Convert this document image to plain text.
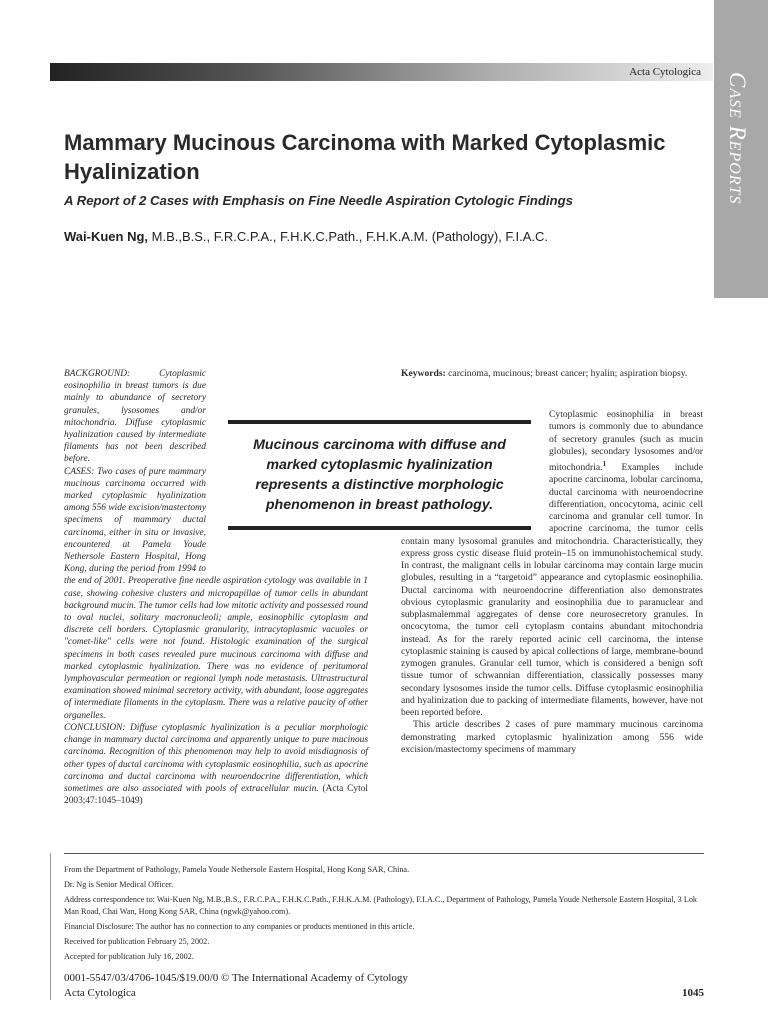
Acta Cytologica Case Reports
Mammary Mucinous Carcinoma with Marked Cytoplasmic Hyalinization
A Report of 2 Cases with Emphasis on Fine Needle Aspiration Cytologic Findings
Wai-Kuen Ng, M.B.,B.S., F.R.C.P.A., F.H.K.C.Path., F.H.K.A.M. (Pathology), F.I.A.C.

BACKGROUND: Cytoplasmic eosinophilia in breast tumors is due mainly to abundance of secretory granules, lysosomes and/or mitochondria. Diffuse cytoplasmic hyalinization caused by intermediate filaments has not been described before.

CASES: Two cases of pure mammary mucinous carcinoma occurred with marked cytoplasmic hyalinization among 556 wide excision/mastectomy specimens of mammary ductal carcinoma, either in situ or invasive, encountered at Pamela Youde Nethersole Eastern Hospital, Hong Kong, during the period from 1994 to the end of 2001. Preoperative fine needle aspiration cytology was available in 1 case, showing cohesive clusters and micropapillae of tumor cells in abundant background mucin. The tumor cells had low mitotic activity and possessed round to oval nuclei, solitary macronucleoli; ample, eosinophilic cytoplasm and discrete cell borders. Cytoplasmic granularity, intracytoplasmic vacuoles or "comet-like" cells were not found. Histologic examination of the surgical specimens in both cases revealed pure mucinous carcinoma with diffuse and marked cytoplasmic hyalinization. There was no evidence of peritumoral lymphovascular permeation or regional lymph node metastasis. Ultrastructural examination showed minimal secretory activity, with abundant, loose aggregates of intermediate filaments in the cytoplasm. There was a relative paucity of other organelles.

CONCLUSION: Diffuse cytoplasmic hyalinization is a peculiar morphologic change in mammary ductal carcinoma and apparently unique to pure mucinous carcinoma. Recognition of this phenomenon may help to avoid misdiagnosis of other types of ductal carcinoma with cytoplasmic eosinophilia, such as apocrine carcinoma and ductal carcinoma with neuroendocrine differentiation, which sometimes are also associated with pools of extracellular mucin. (Acta Cytol 2003;47:1045–1049)

Keywords: carcinoma, mucinous; breast cancer; hyalin; aspiration biopsy.

Cytoplasmic eosinophilia in breast tumors is commonly due to abundance of secretory granules (such as mucin globules), secondary lysosomes and/or mitochondria.$^1$ Examples include apocrine carcinoma, lobular carcinoma, ductal carcinoma with neuroendocrine differentiation, oncocytoma, acinic cell carcinoma and granular cell tumor. In apocrine carcinoma, the tumor cells contain many lysosomal granules and mitochondria. Characteristically, they express gross cystic disease fluid protein–15 on immunohistochemical study. In contrast, the malignant cells in lobular carcinoma may contain large mucin globules, resulting in a “targetoid” appearance and cytoplasmic eosinophilia. Ductal carcinoma with neuroendocrine differentiation also demonstrates obvious cytoplasmic granularity and eosinophilia due to paranuclear and subplasmalemmal aggregates of dense core neurosecretory granules. In oncocytoma, the tumor cell cytoplasm contains abundant mitochondria instead. As for the rarely reported acinic cell carcinoma, the intense cytoplasmic staining is caused by apical collections of large, membrane-bound zymogen granules. Granular cell tumor, which is considered a benign soft tissue tumor of schwannian differentiation, classically possesses many secondary lysosomes inside the tumor cells. Diffuse cytoplasmic eosinophilia and hyalinization due to packing of intermediate filaments, however, have not been reported before.

This article describes 2 cases of pure mammary mucinous carcinoma demonstrating marked cytoplasmic hyalinization among 556 wide excision/mastectomy specimens of mammary

Mucinous carcinoma with diffuse and marked cytoplasmic hyalinization represents a distinctive morphologic phenomenon in breast pathology.

From the Department of Pathology, Pamela Youde Nethersole Eastern Hospital, Hong Kong SAR, China.

Dr. Ng is Senior Medical Officer.

Address correspondence to: Wai-Kuen Ng, M.B.,B.S., F.R.C.P.A., F.H.K.C.Path., F.H.K.A.M. (Pathology), F.I.A.C., Department of Pathology, Pamela Youde Nethersole Eastern Hospital, 3 Lok Man Road, Chai Wan, Hong Kong SAR, China (ngwk@yahoo.com).

Financial Disclosure: The author has no connection to any companies or products mentioned in this article.

Received for publication February 25, 2002.

Accepted for publication July 16, 2002.

0001-5547/03/4706-1045/$19.00/0 © The International Academy of Cytology
Acta Cytologica	1045
